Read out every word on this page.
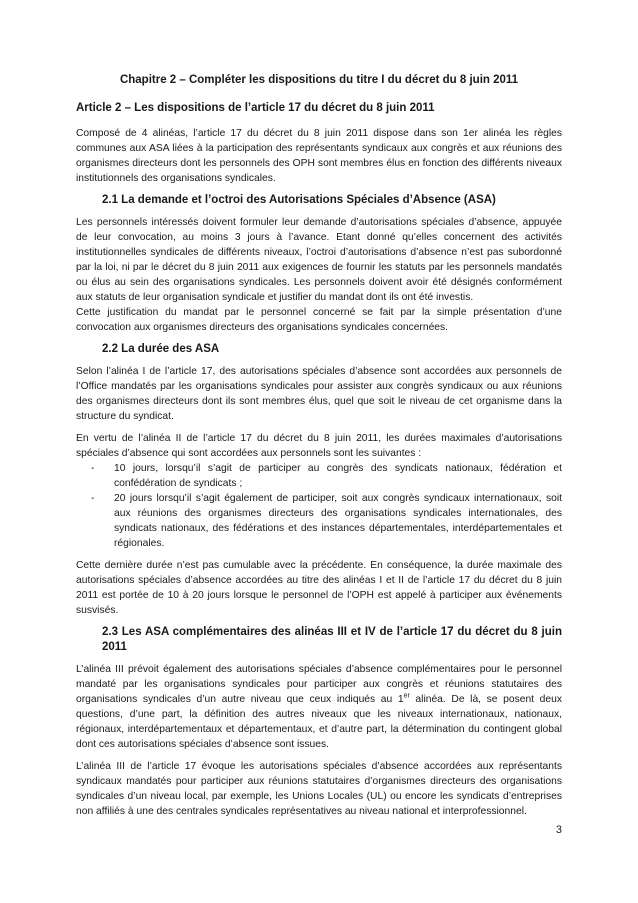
Chapitre 2 – Compléter les dispositions du titre I du décret du 8 juin 2011
Article 2 – Les dispositions de l’article 17 du décret du 8 juin 2011

Composé de 4 alinéas, l’article 17 du décret du 8 juin 2011 dispose dans son 1er alinéa les règles communes aux ASA liées à la participation des représentants syndicaux aux congrès et aux réunions des organismes directeurs dont les personnels des OPH sont membres élus en fonction des différents niveaux institutionnels des organisations syndicales.

2.1 La demande et l’octroi des Autorisations Spéciales d’Absence (ASA)

Les personnels intéressés doivent formuler leur demande d’autorisations spéciales d’absence, appuyée de leur convocation, au moins 3 jours à l’avance. Etant donné qu’elles concernent des activités institutionnelles syndicales de différents niveaux, l’octroi d’autorisations d’absence n’est pas subordonné par la loi, ni par le décret du 8 juin 2011 aux exigences de fournir les statuts par les personnels mandatés ou élus au sein des organisations syndicales. Les personnels doivent avoir été désignés conformément aux statuts de leur organisation syndicale et justifier du mandat dont ils ont été investis.

Cette justification du mandat par le personnel concerné se fait par la simple présentation d’une convocation aux organismes directeurs des organisations syndicales concernées.

2.2 La durée des ASA

Selon l’alinéa I de l’article 17, des autorisations spéciales d’absence sont accordées aux personnels de l’Office mandatés par les organisations syndicales pour assister aux congrès syndicaux ou aux réunions des organismes directeurs dont ils sont membres élus, quel que soit le niveau de cet organisme dans la structure du syndicat.

En vertu de l’alinéa II de l’article 17 du décret du 8 juin 2011, les durées maximales d’autorisations spéciales d’absence qui sont accordées aux personnels sont les suivantes :

- 10 jours, lorsqu’il s’agit de participer au congrès des syndicats nationaux, fédération et confédération de syndicats ;
- 20 jours lorsqu’il s’agit également de participer, soit aux congrès syndicaux internationaux, soit aux réunions des organismes directeurs des organisations syndicales internationales, des syndicats nationaux, des fédérations et des instances départementales, interdépartementales et régionales.

Cette dernière durée n’est pas cumulable avec la précédente. En conséquence, la durée maximale des autorisations spéciales d’absence accordées au titre des alinéas I et II de l’article 17 du décret du 8 juin 2011 est portée de 10 à 20 jours lorsque le personnel de l’OPH est appelé à participer aux événements susvisés.

2.3 Les ASA complémentaires des alinéas III et IV de l’article 17 du décret du 8 juin 2011

L’alinéa III prévoit également des autorisations spéciales d’absence complémentaires pour le personnel mandaté par les organisations syndicales pour participer aux congrès et réunions statutaires des organisations syndicales d’un autre niveau que ceux indiqués au 1er alinéa. De là, se posent deux questions, d’une part, la définition des autres niveaux que les niveaux internationaux, nationaux, régionaux, interdépartementaux et départementaux, et d’autre part, la détermination du contingent global dont ces autorisations spéciales d’absence sont issues.

L’alinéa III de l’article 17 évoque les autorisations spéciales d’absence accordées aux représentants syndicaux mandatés pour participer aux réunions statutaires d’organismes directeurs des organisations syndicales d’un niveau local, par exemple, les Unions Locales (UL) ou encore les syndicats d’entreprises non affiliés à une des centrales syndicales représentatives au niveau national et interprofessionnel.

3
